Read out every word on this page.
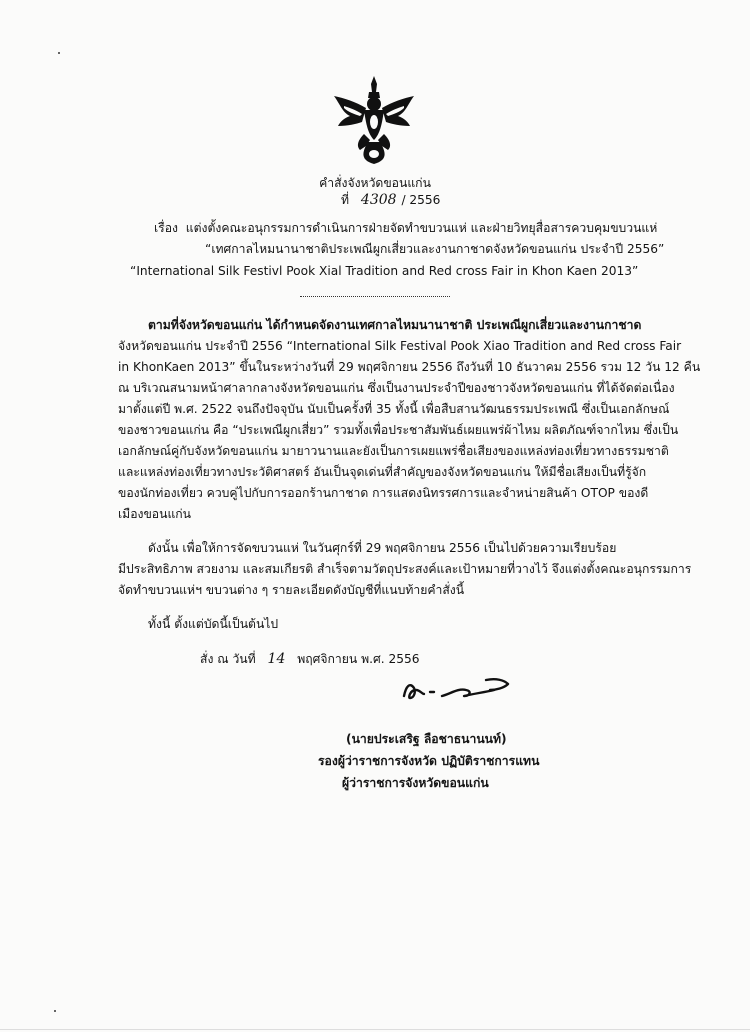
คำสั่งจังหวัดขอนแก่น
ที่ 4308 / 2556
เรื่อง แต่งตั้งคณะอนุกรรมการดำเนินการฝ่ายจัดทำขบวนแห่ และฝ่ายวิทยุสื่อสารควบคุมขบวนแห่
“เทศกาลไหมนานาชาติประเพณีผูกเสี่ยวและงานกาชาดจังหวัดขอนแก่น ประจำปี 2556”
“International Silk Festivl Pook Xial Tradition and Red cross Fair in Khon Kaen 2013”
ตามที่จังหวัดขอนแก่น ได้กำหนดจัดงานเทศกาลไหมนานาชาติ ประเพณีผูกเสี่ยวและงานกาชาด
จังหวัดขอนแก่น ประจำปี 2556 “International Silk Festival Pook Xiao Tradition and Red cross Fair
in KhonKaen 2013” ขึ้นในระหว่างวันที่ 29 พฤศจิกายน 2556 ถึงวันที่ 10 ธันวาคม 2556 รวม 12 วัน 12 คืน
ณ บริเวณสนามหน้าศาลากลางจังหวัดขอนแก่น ซึ่งเป็นงานประจำปีของชาวจังหวัดขอนแก่น ที่ได้จัดต่อเนื่อง
มาตั้งแต่ปี พ.ศ. 2522 จนถึงปัจจุบัน นับเป็นครั้งที่ 35 ทั้งนี้ เพื่อสืบสานวัฒนธรรมประเพณี ซึ่งเป็นเอกลักษณ์
ของชาวขอนแก่น คือ “ประเพณีผูกเสี่ยว” รวมทั้งเพื่อประชาสัมพันธ์เผยแพร่ผ้าไหม ผลิตภัณฑ์จากไหม ซึ่งเป็น
เอกลักษณ์คู่กับจังหวัดขอนแก่น มายาวนานและยังเป็นการเผยแพร่ชื่อเสียงของแหล่งท่องเที่ยวทางธรรมชาติ
และแหล่งท่องเที่ยวทางประวัติศาสตร์ อันเป็นจุดเด่นที่สำคัญของจังหวัดขอนแก่น ให้มีชื่อเสียงเป็นที่รู้จัก
ของนักท่องเที่ยว ควบคู่ไปกับการออกร้านกาชาด การแสดงนิทรรศการและจำหน่ายสินค้า OTOP ของดี
เมืองขอนแก่น
ดังนั้น เพื่อให้การจัดขบวนแห่ ในวันศุกร์ที่ 29 พฤศจิกายน 2556 เป็นไปด้วยความเรียบร้อย
มีประสิทธิภาพ สวยงาม และสมเกียรติ สำเร็จตามวัตถุประสงค์และเป้าหมายที่วางไว้ จึงแต่งตั้งคณะอนุกรรมการ
จัดทำขบวนแห่ฯ ขบวนต่าง ๆ รายละเอียดดังบัญชีที่แนบท้ายคำสั่งนี้
ทั้งนี้ ตั้งแต่บัดนี้เป็นต้นไป
สั่ง ณ วันที่ 14 พฤศจิกายน พ.ศ. 2556
(นายประเสริฐ ลือชาธนานนท์)
รองผู้ว่าราชการจังหวัด ปฏิบัติราชการแทน
ผู้ว่าราชการจังหวัดขอนแก่น
